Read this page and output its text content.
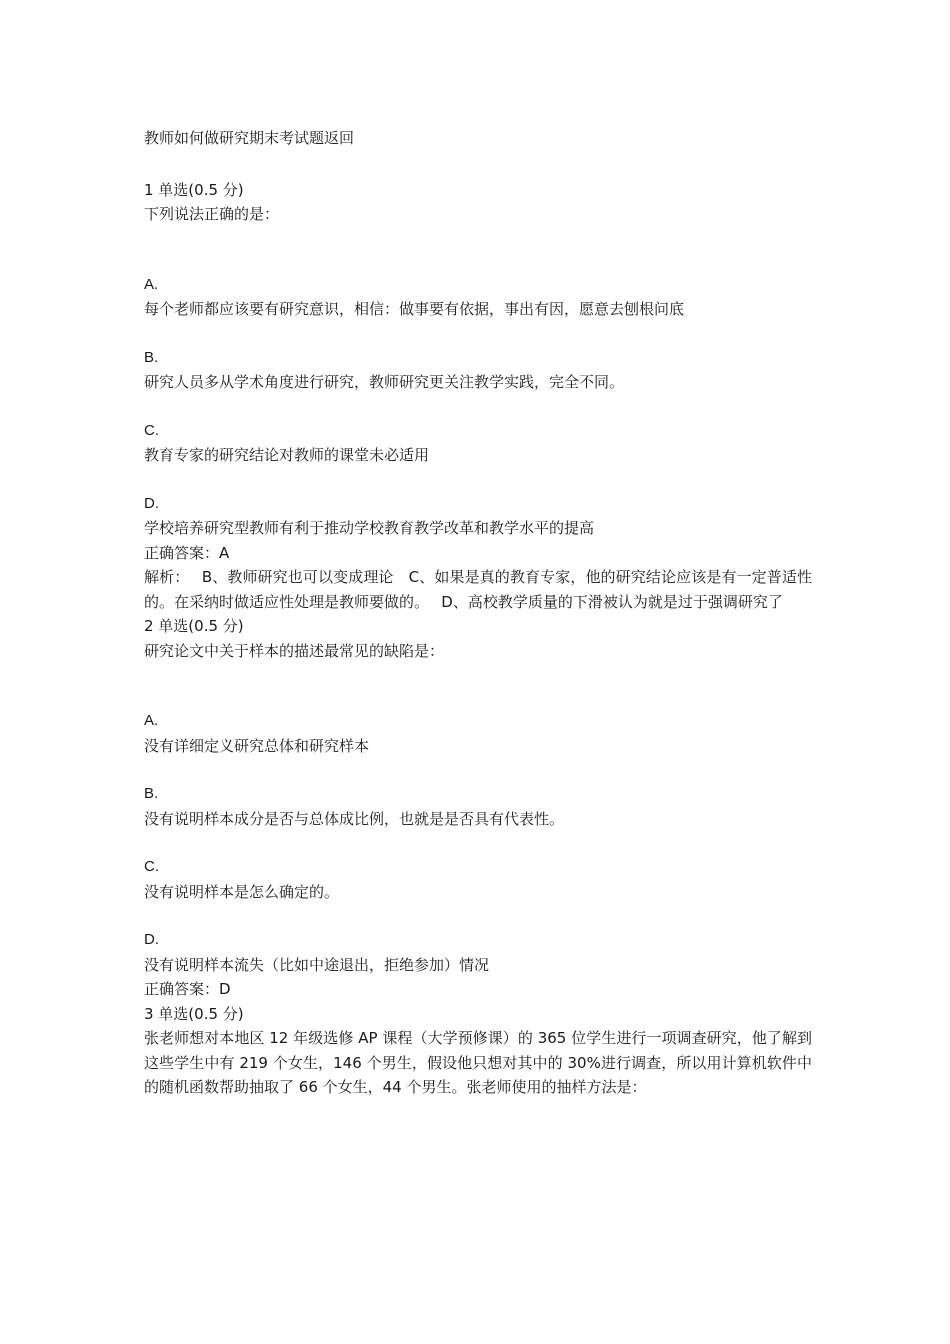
教师如何做研究期末考试题返回

1 单选(0.5 分)

下列说法正确的是：

A.

每个老师都应该要有研究意识，相信：做事要有依据，事出有因，愿意去刨根问底

B.

研究人员多从学术角度进行研究，教师研究更关注教学实践，完全不同。

C.

教育专家的研究结论对教师的课堂未必适用

D.

学校培养研究型教师有利于推动学校教育教学改革和教学水平的提高

正确答案：A

解析：　 B、教师研究也可以变成理论　C、如果是真的教育专家，他的研究结论应该是有一定普适性的。在采纳时做适应性处理是教师要做的。　 D、高校教学质量的下滑被认为就是过于强调研究了

2 单选(0.5 分)

研究论文中关于样本的描述最常见的缺陷是：

A.

没有详细定义研究总体和研究样本

B.

没有说明样本成分是否与总体成比例，也就是是否具有代表性。

C.

没有说明样本是怎么确定的。

D.

没有说明样本流失（比如中途退出，拒绝参加）情况

正确答案：D

3 单选(0.5 分)

张老师想对本地区 12 年级选修 AP 课程（大学预修课）的 365 位学生进行一项调查研究，他了解到这些学生中有 219 个女生，146 个男生，假设他只想对其中的 30%进行调查，所以用计算机软件中的随机函数帮助抽取了 66 个女生，44 个男生。张老师使用的抽样方法是：
